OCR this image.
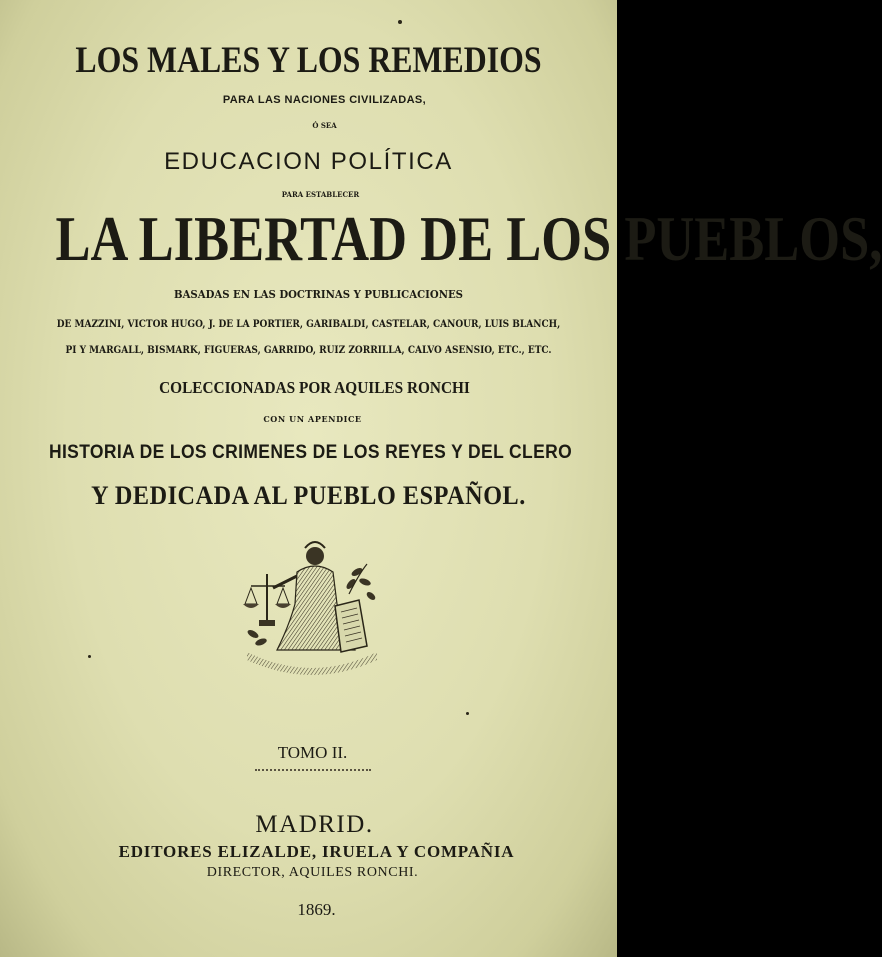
LOS MALES Y LOS REMEDIOS
PARA LAS NACIONES CIVILIZADAS,
Ó SEA
EDUCACION POLÍTICA
PARA ESTABLECER
LA LIBERTAD DE LOS PUEBLOS,
BASADAS EN LAS DOCTRINAS Y PUBLICACIONES
DE MAZZINI, VICTOR HUGO, J. DE LA PORTIER, GARIBALDI, CASTELAR, CANOUR, LUIS BLANCH,
PI Y MARGALL, BISMARK, FIGUERAS, GARRIDO, RUIZ ZORRILLA, CALVO ASENSIO, ETC., ETC.
COLECCIONADAS POR AQUILES RONCHI
CON UN APENDICE
HISTORIA DE LOS CRIMENES DE LOS REYES Y DEL CLERO
Y DEDICADA AL PUEBLO ESPAÑOL.
TOMO II.
MADRID.
EDITORES ELIZALDE, IRUELA Y COMPAÑIA
DIRECTOR, AQUILES RONCHI.
1869.
